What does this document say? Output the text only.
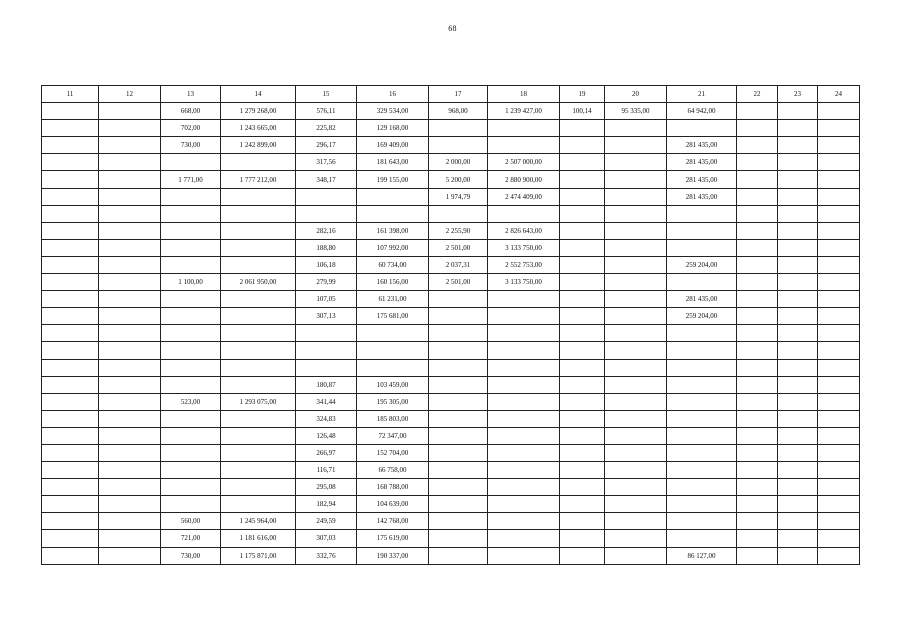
68
11	12	13	14	15	16	17	18	19	20	21	22	23	24
		668,00	1 279 268,00	576,11	329 534,00	968,00	1 239 427,00	100,14	95 335,00	64 942,00			
		702,00	1 243 665,00	225,82	129 168,00								
		730,00	1 242 899,00	296,17	169 409,00					281 435,00			
				317,56	181 643,00	2 000,00	2 507 000,00			281 435,00			
		1 771,00	1 777 212,00	348,17	199 155,00	5 200,00	2 880 900,00			281 435,00			
						1 974,79	2 474 409,00			281 435,00			

				282,16	161 398,00	2 255,90	2 826 643,00						
				188,80	107 992,00	2 501,00	3 133 750,00						
				106,18	60 734,00	2 037,31	2 552 753,00			259 204,00			
		1 100,00	2 061 950,00	279,99	160 156,00	2 501,00	3 133 750,00						
				107,05	61 231,00					281 435,00			
				307,13	175 681,00					259 204,00			

				180,87	103 459,00								
		523,00	1 293 075,00	341,44	195 305,00								
				324,83	185 803,00								
				126,48	72 347,00								
				266,97	152 704,00								
				116,71	66 758,00								
				295,08	168 788,00								
				182,94	104 639,00								
		560,00	1 245 964,00	249,59	142 768,00								
		721,00	1 181 616,00	307,03	175 619,00								
		730,00	1 175 871,00	332,76	190 337,00					86 127,00			
